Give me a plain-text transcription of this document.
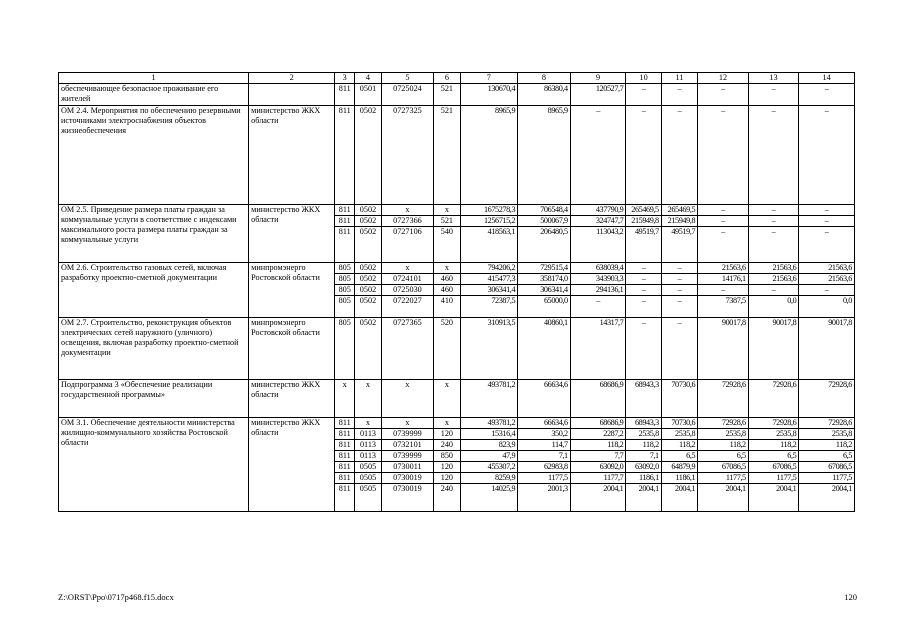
1	2	3	4	5	6	7	8	9	10	11	12	13	14
обеспечивающее безопасное проживание его жителей		811	0501	0725024	521	130670,4	86380,4	120527,7	–	–	–	–	–
ОМ 2.4. Мероприятия по обеспечению резервными источниками электроснабжения объектов жизнеобеспечения	министерство ЖКХ области	811	0502	0727325	521	8965,9	8965,9	–	–	–	–	–	–
ОМ 2.5. Приведение размера платы граждан за коммунальные услуги в соответствие с индексами максимального роста размера платы граждан за коммунальные услуги	министерство ЖКХ области	811	0502	х	х	1675278,3	706548,4	437790,9	265469,5	265469,5	–	–	–
		811	0502	0727366	521	1256715,2	500067,9	324747,7	215949,8	215949,8	–	–	–
		811	0502	0727106	540	418563,1	206480,5	113043,2	49519,7	49519,7	–	–	–
ОМ 2.6. Строительство газовых сетей, включая разработку проектно-сметной документации	минпромэнерго Ростовской области	805	0502	х	х	794206,2	729515,4	638039,4	–	–	21563,6	21563,6	21563,6
		805	0502	0724101	460	415477,3	358174,0	343903,3	–	–	14176,1	21563,6	21563,6
		805	0502	0725030	460	306341,4	306341,4	294136,1	–	–	–	–	–
		805	0502	0722027	410	72387,5	65000,0	–	–	–	7387,5	0,0	0,0
ОМ 2.7. Строительство, реконструкция объектов электрических сетей наружного (уличного) освещения, включая разработку проектно-сметной документации	минпромэнерго Ростовской области	805	0502	0727365	520	310913,5	40860,1	14317,7	–	–	90017,8	90017,8	90017,8
Подпрограмма 3 «Обеспечение реализации государственной программы»	министерство ЖКХ области	х	х	х	х	493781,2	66634,6	68686,9	68943,3	70730,6	72928,6	72928,6	72928,6
ОМ 3.1. Обеспечение деятельности министерства жилищно-коммунального хозяйства Ростовской области	министерство ЖКХ области	811	х	х	х	493781,2	66634,6	68686,9	68943,3	70730,6	72928,6	72928,6	72928,6
		811	0113	0739999	120	15316,4	350,2	2287,2	2535,8	2535,8	2535,8	2535,8	2535,8
		811	0113	0732101	240	823,9	114,7	118,2	118,2	118,2	118,2	118,2	118,2
		811	0113	0739999	850	47,9	7,1	7,7	7,1	6,5	6,5	6,5	6,5
		811	0505	0730011	120	455307,2	62983,8	63092,0	63092,0	64879,9	67086,5	67086,5	67086,5
		811	0505	0730019	120	8259,9	1177,5	1177,7	1186,1	1186,1	1177,5	1177,5	1177,5
		811	0505	0730019	240	14025,9	2001,3	2004,1	2004,1	2004,1	2004,1	2004,1	2004,1
Z:\ORST\Ppo\0717p468.f15.docx	120
